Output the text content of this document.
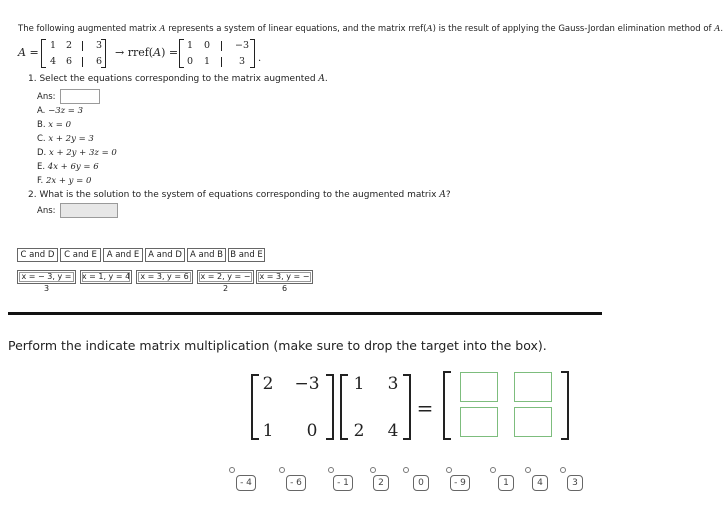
The following augmented matrix A represents a system of linear equations, and the matrix rref(A) is the result of applying the Gauss-Jordan elimination method of A.
A =
1 2	3
4 6	6
→ rref(A) =
1 0	−3
0 1	3 .
1. Select the equations corresponding to the matrix augmented A.
Ans:
A. −3z = 3
B. x = 0
C. x + 2y = 3
D. x + 2y + 3z = 0
E. 4x + 6y = 6
F. 2x + y = 0
2. What is the solution to the system of equations corresponding to the augmented matrix A?
Ans:
C and D	C and E	A and E	A and D A and B B and E
x = − 3, y = 3
x = 1, y = 4	x = 3, y = 6	x = 2, y = − 2
x = 3, y = − 6
Perform the indicate matrix multiplication (make sure to drop the target into the box).
2 −3
1 0
1 3
2 4
=
- 4	- 6	- 1	2	0	- 9	1	4	3
